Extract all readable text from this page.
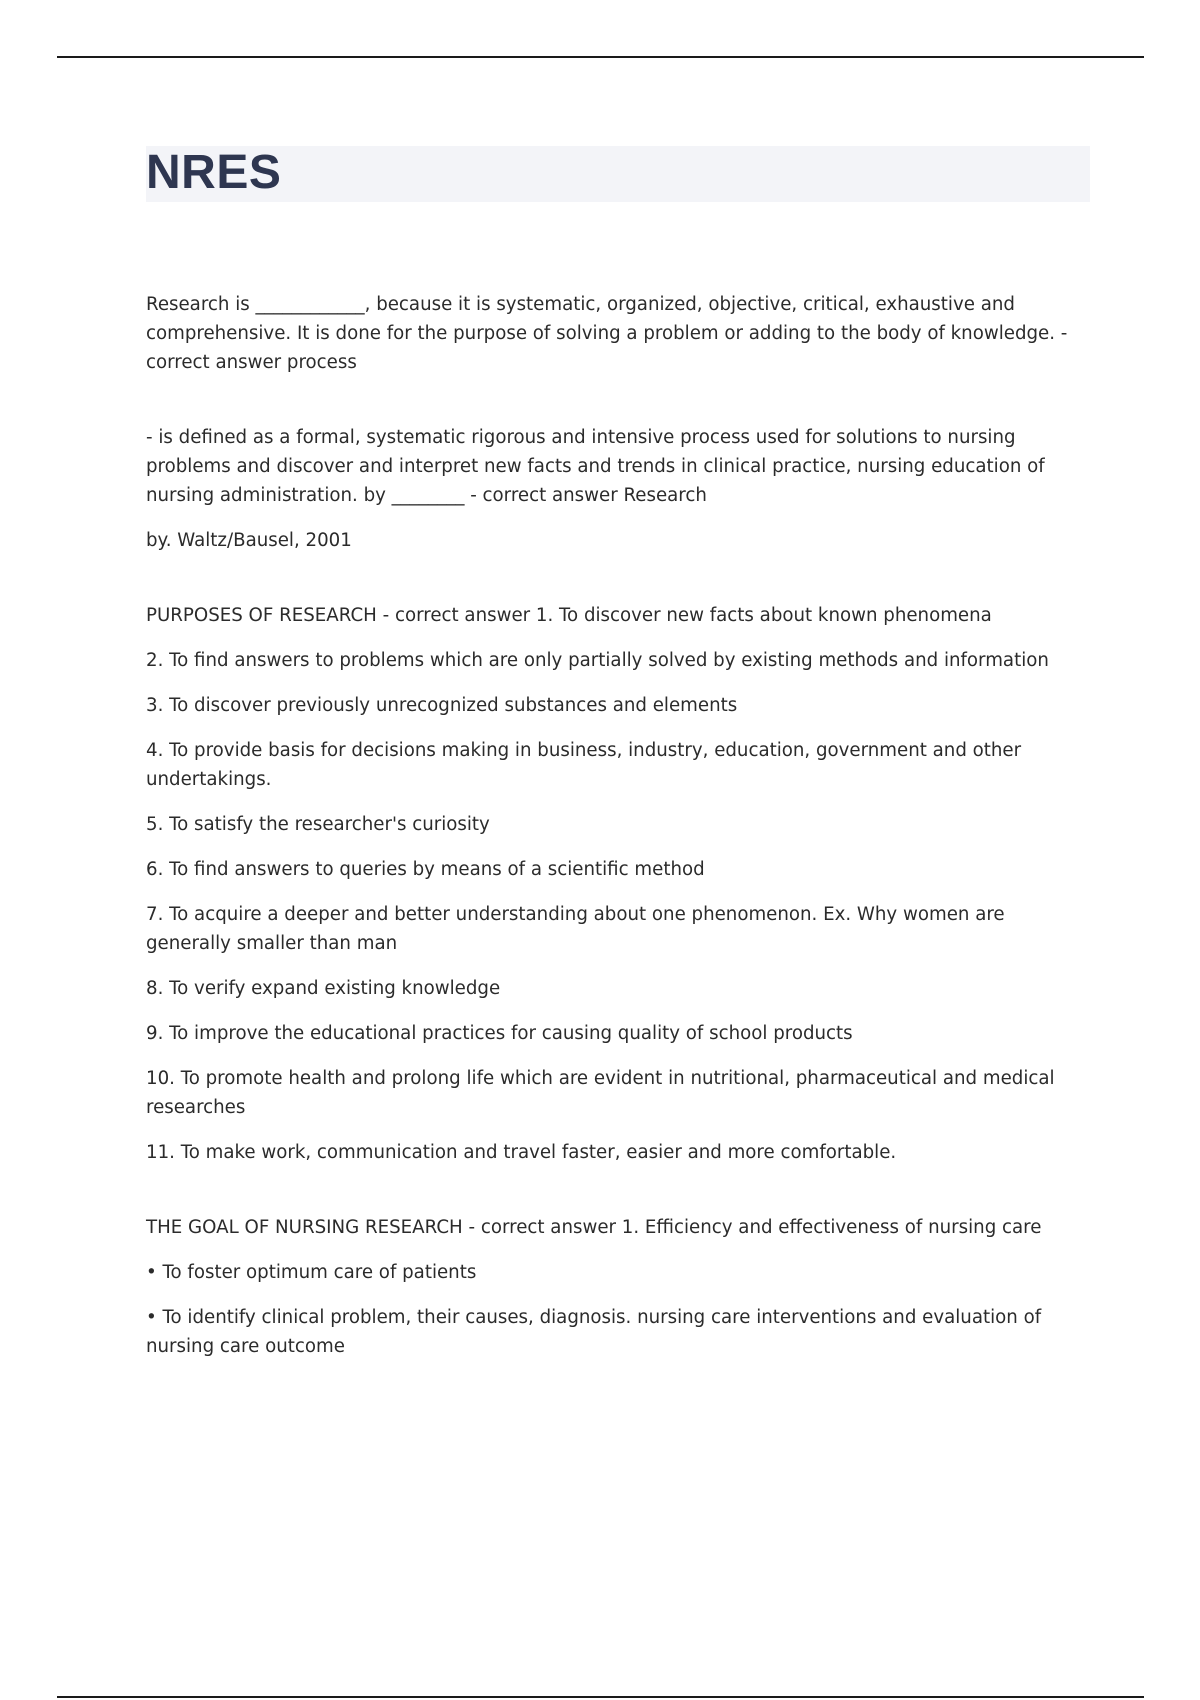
NRES

Research is ____________, because it is systematic, organized, objective, critical, exhaustive and comprehensive. It is done for the purpose of solving a problem or adding to the body of knowledge. - correct answer process

- is defined as a formal, systematic rigorous and intensive process used for solutions to nursing problems and discover and interpret new facts and trends in clinical practice, nursing education of nursing administration. by ________ - correct answer Research

by. Waltz/Bausel, 2001

PURPOSES OF RESEARCH - correct answer 1. To discover new facts about known phenomena

2. To find answers to problems which are only partially solved by existing methods and information

3. To discover previously unrecognized substances and elements

4. To provide basis for decisions making in business, industry, education, government and other undertakings.

5. To satisfy the researcher's curiosity

6. To find answers to queries by means of a scientific method

7. To acquire a deeper and better understanding about one phenomenon. Ex. Why women are generally smaller than man

8. To verify expand existing knowledge

9. To improve the educational practices for causing quality of school products

10. To promote health and prolong life which are evident in nutritional, pharmaceutical and medical researches

11. To make work, communication and travel faster, easier and more comfortable.

THE GOAL OF NURSING RESEARCH - correct answer 1. Efficiency and effectiveness of nursing care

• To foster optimum care of patients

• To identify clinical problem, their causes, diagnosis. nursing care interventions and evaluation of nursing care outcome
